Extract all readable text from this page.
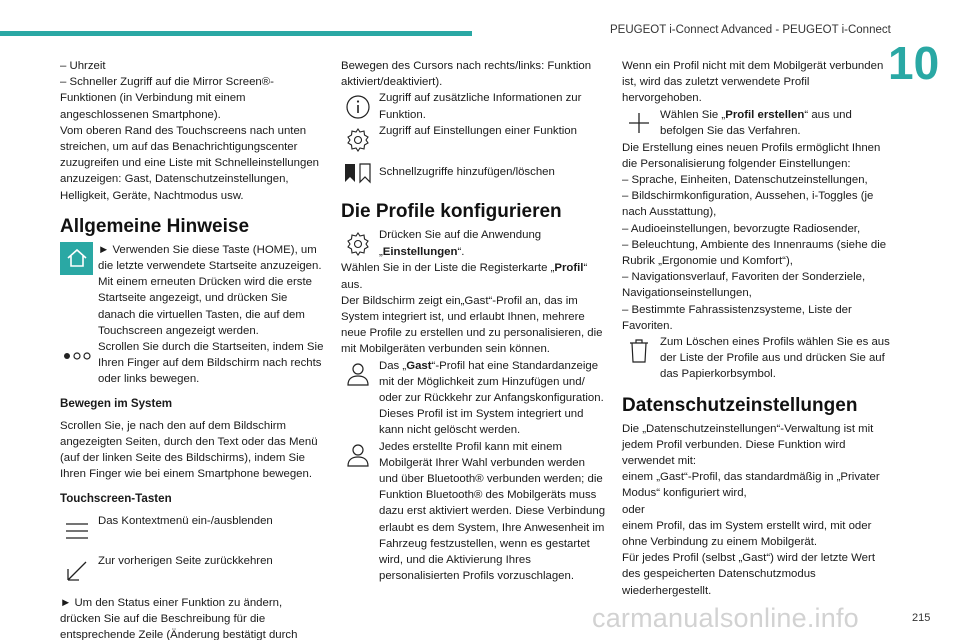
PEUGEOT i-Connect Advanced - PEUGEOT i-Connect
10
215
carmanualsonline.info

– Uhrzeit

– Schneller Zugriff auf die Mirror Screen®-Funktionen (in Verbindung mit einem angeschlossenen Smartphone).

Vom oberen Rand des Touchscreens nach unten streichen, um auf das Benachrichtigungscenter zuzugreifen und eine Liste mit Schnelleinstellungen anzuzeigen: Gast, Datenschutzeinstellungen, Helligkeit, Geräte, Nachtmodus usw.

Allgemeine Hinweise
► Verwenden Sie diese Taste (HOME), um die letzte verwendete Startseite anzuzeigen. Mit einem erneuten Drücken wird die erste Startseite angezeigt, und drücken Sie danach die virtuellen Tasten, die auf dem Touchscreen angezeigt werden.
Scrollen Sie durch die Startseiten, indem Sie Ihren Finger auf dem Bildschirm nach rechts oder links bewegen.
Bewegen im System

Scrollen Sie, je nach den auf dem Bildschirm angezeigten Seiten, durch den Text oder das Menü (auf der linken Seite des Bildschirms), indem Sie Ihren Finger wie bei einem Smartphone bewegen.

Touchscreen-Tasten
Das Kontextmenü ein-/ausblenden
Zur vorherigen Seite zurückkehren

► Um den Status einer Funktion zu ändern, drücken Sie auf die Beschreibung für die entsprechende Zeile (Änderung bestätigt durch

Bewegen des Cursors nach rechts/links: Funktion aktiviert/deaktiviert).

Zugriff auf zusätzliche Informationen zur Funktion.
Zugriff auf Einstellungen einer Funktion
Schnellzugriffe hinzufügen/löschen
Die Profile konfigurieren
Drücken Sie auf die Anwendung „Einstellungen“.

Wählen Sie in der Liste die Registerkarte „Profil“ aus.

Der Bildschirm zeigt ein„Gast“-Profil an, das im System integriert ist, und erlaubt Ihnen, mehrere neue Profile zu erstellen und zu personalisieren, die mit Mobilgeräten verbunden sein können.

Das „Gast“-Profil hat eine Standardanzeige mit der Möglichkeit zum Hinzufügen und/ oder zur Rückkehr zur Anfangskonfiguration. Dieses Profil ist im System integriert und kann nicht gelöscht werden.
Jedes erstellte Profil kann mit einem Mobilgerät Ihrer Wahl verbunden werden und über Bluetooth® verbunden werden; die Funktion Bluetooth® des Mobilgeräts muss dazu erst aktiviert werden. Diese Verbindung erlaubt es dem System, Ihre Anwesenheit im Fahrzeug festzustellen, wenn es gestartet wird, und die Aktivierung Ihres personalisierten Profils vorzuschlagen.

Wenn ein Profil nicht mit dem Mobilgerät verbunden ist, wird das zuletzt verwendete Profil hervorgehoben.

Wählen Sie „Profil erstellen“ aus und befolgen Sie das Verfahren.

Die Erstellung eines neuen Profils ermöglicht Ihnen die Personalisierung folgender Einstellungen:

– Sprache, Einheiten, Datenschutzeinstellungen,

– Bildschirmkonfiguration, Aussehen, i-Toggles (je nach Ausstattung),

– Audioeinstellungen, bevorzugte Radiosender,

– Beleuchtung, Ambiente des Innenraums (siehe die Rubrik „Ergonomie und Komfort“),

– Navigationsverlauf, Favoriten der Sonderziele, Navigationseinstellungen,

– Bestimmte Fahrassistenzsysteme, Liste der Favoriten.

Zum Löschen eines Profils wählen Sie es aus der Liste der Profile aus und drücken Sie auf das Papierkorbsymbol.
Datenschutzeinstellungen

Die „Datenschutzeinstellungen“-Verwaltung ist mit jedem Profil verbunden. Diese Funktion wird verwendet mit:

einem „Gast“-Profil, das standardmäßig in „Privater Modus“ konfiguriert wird,

oder

einem Profil, das im System erstellt wird, mit oder ohne Verbindung zu einem Mobilgerät.

Für jedes Profil (selbst „Gast“) wird der letzte Wert des gespeicherten Datenschutzmodus wiederhergestellt.
